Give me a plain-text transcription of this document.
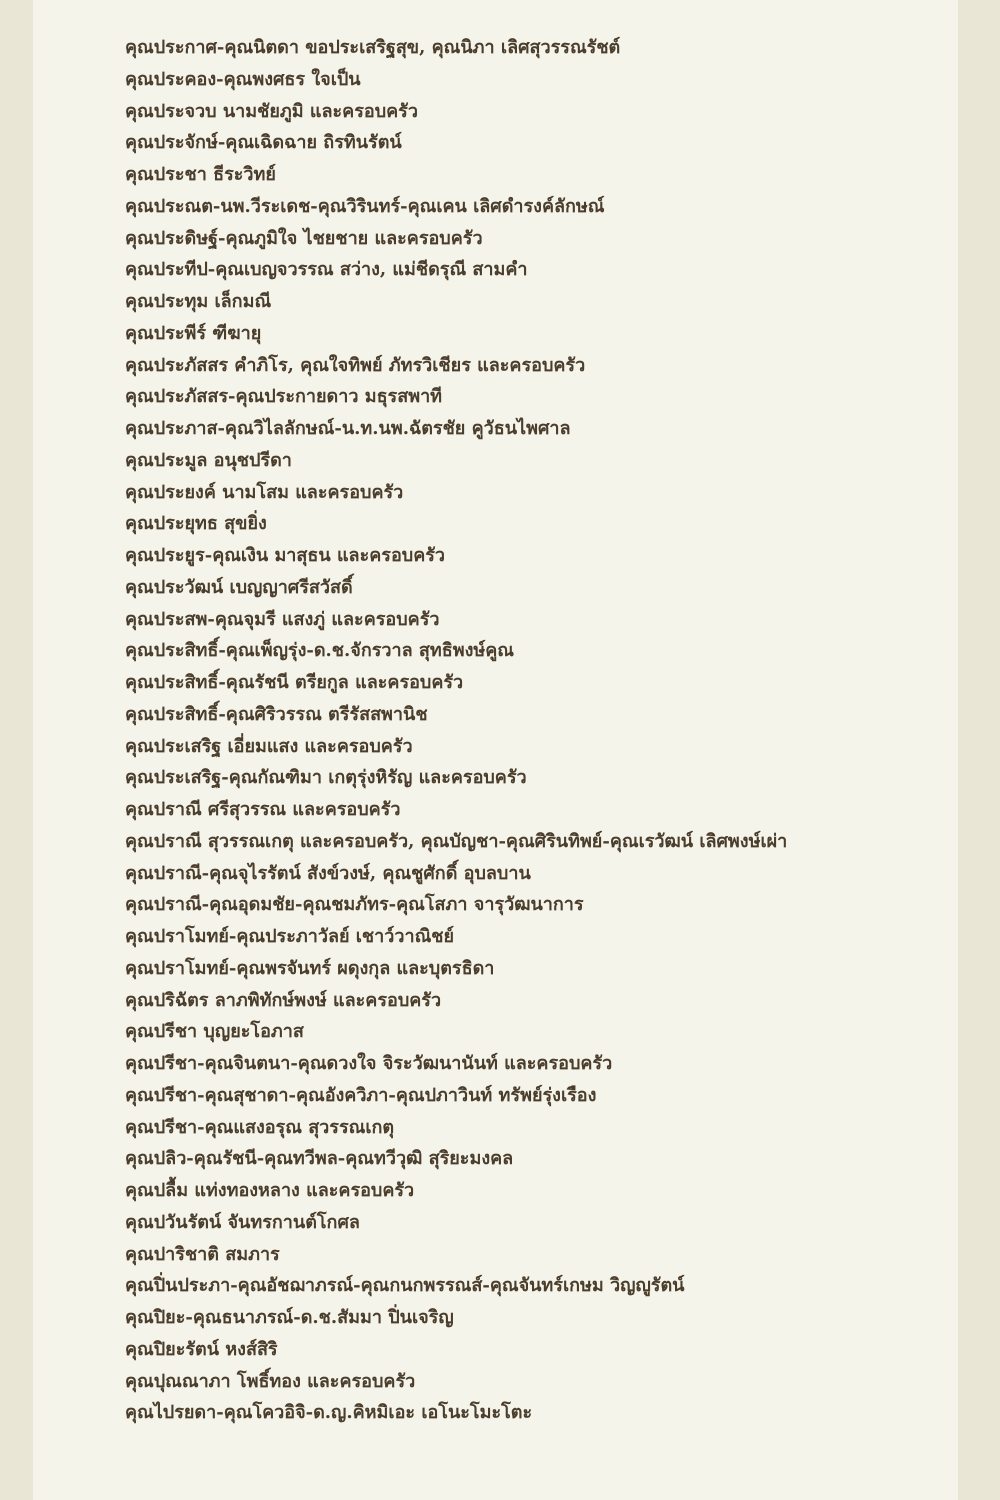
คุณประกาศ-คุณนิตดา ขอประเสริฐสุข, คุณนิภา เลิศสุวรรณรัชต์
คุณประคอง-คุณพงศธร ใจเป็น
คุณประจวบ นามชัยภูมิ และครอบครัว
คุณประจักษ์-คุณเฉิดฉาย ถิรทินรัตน์
คุณประชา ธีระวิทย์
คุณประณต-นพ.วีระเดช-คุณวิรินทร์-คุณเคน เลิศดำรงค์ลักษณ์
คุณประดิษฐ์-คุณภูมิใจ ไชยชาย และครอบครัว
คุณประทีป-คุณเบญจวรรณ สว่าง, แม่ชีดรุณี สามคำ
คุณประทุม เล็กมณี
คุณประพีร์ ฑีฆายุ
คุณประภัสสร คำภิโร, คุณใจทิพย์ ภัทรวิเชียร และครอบครัว
คุณประภัสสร-คุณประกายดาว มธุรสพาที
คุณประภาส-คุณวิไลลักษณ์-น.ท.นพ.ฉัตรชัย คูวัธนไพศาล
คุณประมูล อนุชปรีดา
คุณประยงค์ นามโสม และครอบครัว
คุณประยุทธ สุขยิ่ง
คุณประยูร-คุณเงิน มาสุธน และครอบครัว
คุณประวัฒน์ เบญญาศรีสวัสดิ์
คุณประสพ-คุณจุมรี แสงภู่ และครอบครัว
คุณประสิทธิ์-คุณเพ็ญรุ่ง-ด.ช.จักรวาล สุทธิพงษ์คูณ
คุณประสิทธิ์-คุณรัชนี ตรียกูล และครอบครัว
คุณประสิทธิ์-คุณศิริวรรณ ตรีรัสสพานิช
คุณประเสริฐ เอี่ยมแสง และครอบครัว
คุณประเสริฐ-คุณกัณฑิมา เกตุรุ่งหิรัญ และครอบครัว
คุณปราณี ศรีสุวรรณ และครอบครัว
คุณปราณี สุวรรณเกตุ และครอบครัว, คุณบัญชา-คุณศิรินทิพย์-คุณเรวัฒน์ เลิศพงษ์เผ่า
คุณปราณี-คุณจุไรรัตน์ สังข์วงษ์, คุณชูศักดิ์ อุบลบาน
คุณปราณี-คุณอุดมชัย-คุณชมภัทร-คุณโสภา จารุวัฒนาการ
คุณปราโมทย์-คุณประภาวัลย์ เชาว์วาณิชย์
คุณปราโมทย์-คุณพรจันทร์ ผดุงกุล และบุตรธิดา
คุณปริฉัตร ลาภพิทักษ์พงษ์ และครอบครัว
คุณปรีชา บุญยะโอภาส
คุณปรีชา-คุณจินตนา-คุณดวงใจ จิระวัฒนานันท์ และครอบครัว
คุณปรีชา-คุณสุชาดา-คุณอังควิภา-คุณปภาวินท์ ทรัพย์รุ่งเรือง
คุณปรีชา-คุณแสงอรุณ สุวรรณเกตุ
คุณปลิว-คุณรัชนี-คุณทวีพล-คุณทวีวุฒิ สุริยะมงคล
คุณปลื้ม แท่งทองหลาง และครอบครัว
คุณปวันรัตน์ จันทรกานต์โกศล
คุณปาริชาติ สมภาร
คุณปิ่นประภา-คุณอัชฌาภรณ์-คุณกนกพรรณส์-คุณจันทร์เกษม วิญญูรัตน์
คุณปิยะ-คุณธนาภรณ์-ด.ช.สัมมา ปิ่นเจริญ
คุณปิยะรัตน์ หงส์สิริ
คุณปุณณาภา โพธิ์ทอง และครอบครัว
คุณไปรยดา-คุณโควอิจิ-ด.ญ.คิหมิเอะ เอโนะโมะโตะ
